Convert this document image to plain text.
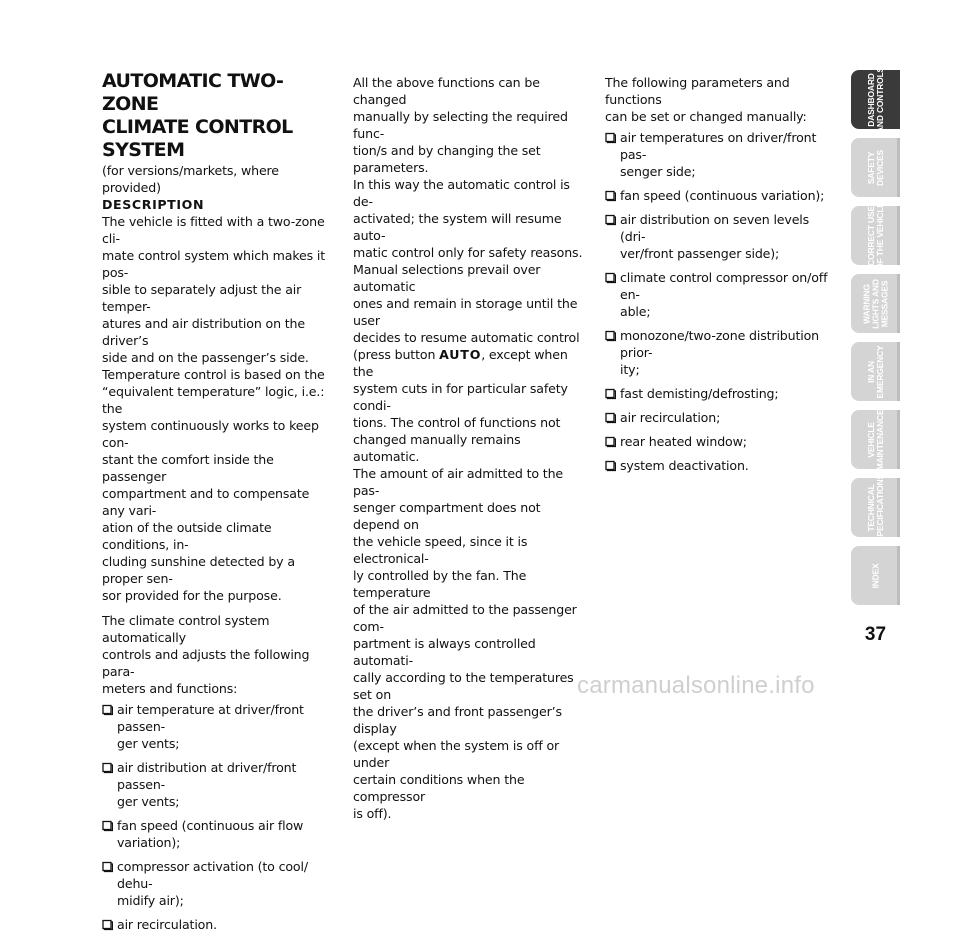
AUTOMATIC TWO-ZONE
CLIMATE CONTROL
SYSTEM

(for versions/markets, where provided)

DESCRIPTION

The vehicle is fitted with a two-zone cli-
mate control system which makes it pos-
sible to separately adjust the air temper-
atures and air distribution on the driver’s
side and on the passenger’s side.
Temperature control is based on the
“equivalent temperature” logic, i.e.: the
system continuously works to keep con-
stant the comfort inside the passenger
compartment and to compensate any vari-
ation of the outside climate conditions, in-
cluding sunshine detected by a proper sen-
sor provided for the purpose.

The climate control system automatically
controls and adjusts the following para-
meters and functions:

air temperature at driver/front passen-
ger vents;
air distribution at driver/front passen-
ger vents;
fan speed (continuous air flow variation);
compressor activation (to cool/ dehu-
midify air);
air recirculation.

All the above functions can be changed
manually by selecting the required func-
tion/s and by changing the set parameters.
In this way the automatic control is de-
activated; the system will resume auto-
matic control only for safety reasons.
Manual selections prevail over automatic
ones and remain in storage until the user
decides to resume automatic control
(press button AUTO, except when the
system cuts in for particular safety condi-
tions. The control of functions not
changed manually remains automatic.
The amount of air admitted to the pas-
senger compartment does not depend on
the vehicle speed, since it is electronical-
ly controlled by the fan. The temperature
of the air admitted to the passenger com-
partment is always controlled automati-
cally according to the temperatures set on
the driver’s and front passenger’s display
(except when the system is off or under
certain conditions when the compressor
is off).

The following parameters and functions
can be set or changed manually:

air temperatures on driver/front pas-
senger side;
fan speed (continuous variation);
air distribution on seven levels (dri-
ver/front passenger side);
climate control compressor on/off en-
able;
monozone/two-zone distribution prior-
ity;
fast demisting/defrosting;
air recirculation;
rear heated window;
system deactivation.
DASHBOARD
AND CONTROLS
SAFETY
DEVICES
CORRECT USE
OF THE VEHICLE
WARNING
LIGHTS AND
MESSAGES
IN AN
EMERGENCY
VEHICLE
MAINTENANCE
TECHNICAL
SPECIFICATIONS
INDEX
37
carmanualsonline.info
